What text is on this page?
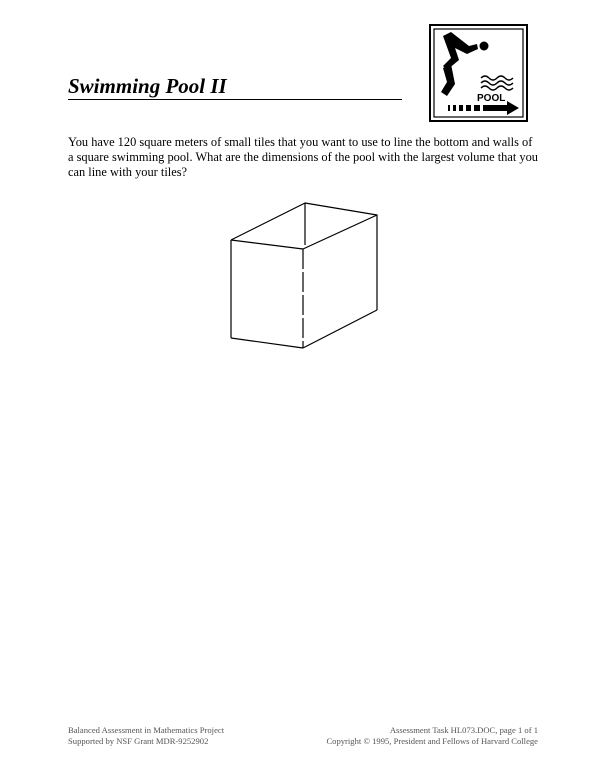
Swimming Pool II
POOL

You have 120 square meters of small tiles that you want to use to line the bottom and walls of a square swimming pool. What are the dimensions of the pool with the largest volume that you can line with your tiles?

Balanced Assessment in Mathematics Project
Supported by NSF Grant MDR-9252902
Assessment Task HL073.DOC, page 1 of 1
Copyright © 1995, President and Fellows of Harvard College
